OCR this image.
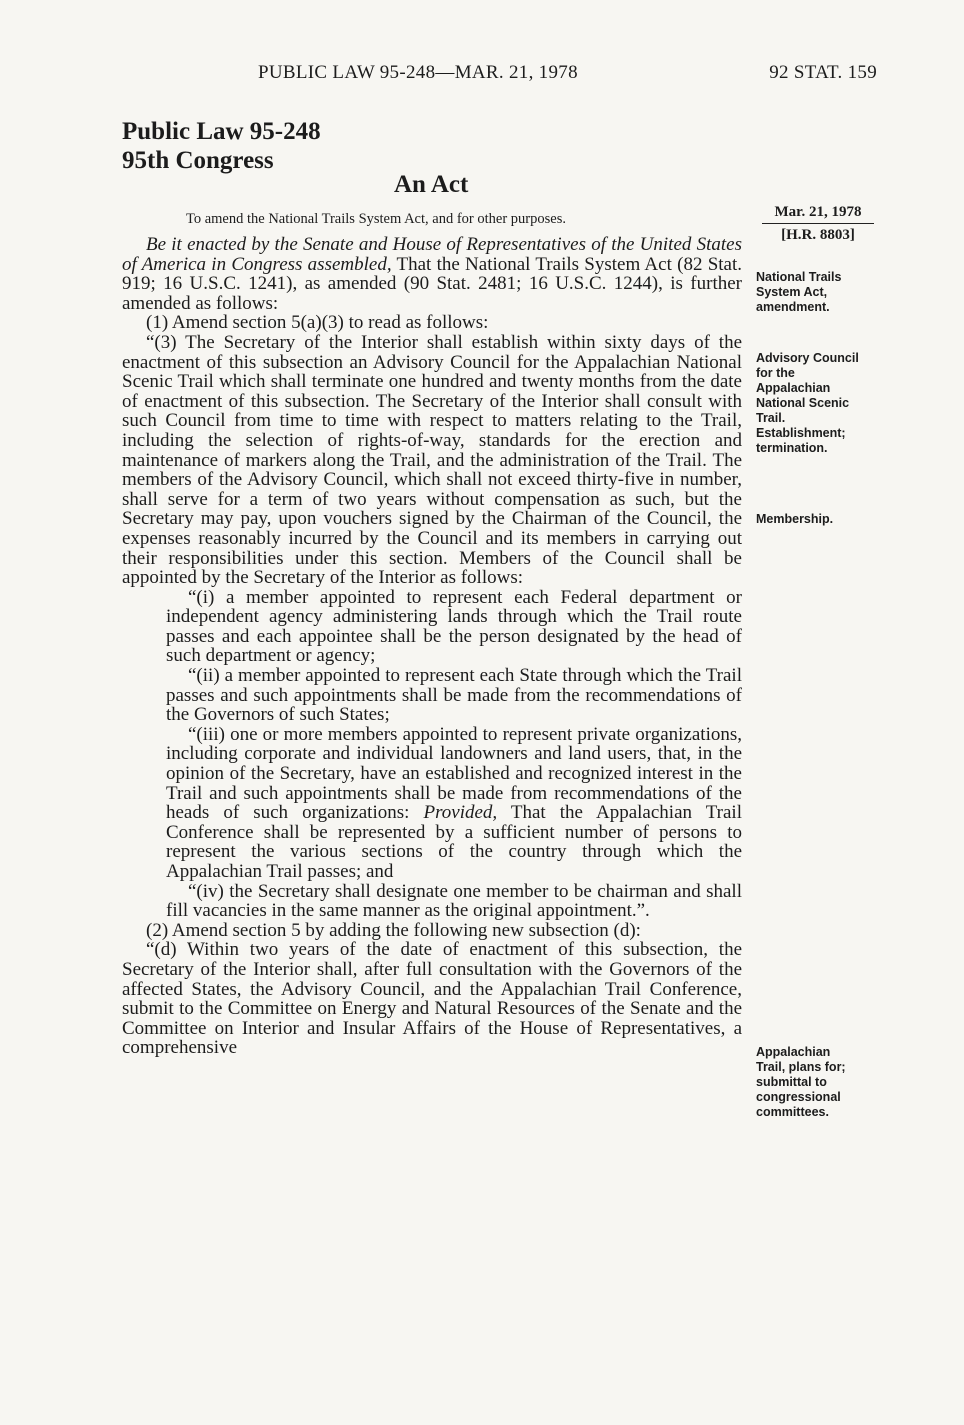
PUBLIC LAW 95-248—MAR. 21, 1978	92 STAT. 159
Public Law 95-248
95th Congress
An Act
To amend the National Trails System Act, and for other purposes.	Mar. 21, 1978
[H.R. 8803]

Be it enacted by the Senate and House of Representatives of the United States of America in Congress assembled, That the National Trails System Act (82 Stat. 919; 16 U.S.C. 1241), as amended (90 Stat. 2481; 16 U.S.C. 1244), is further amended as follows:

(1) Amend section 5(a)(3) to read as follows:

“(3) The Secretary of the Interior shall establish within sixty days of the enactment of this subsection an Advisory Council for the Appalachian National Scenic Trail which shall terminate one hundred and twenty months from the date of enactment of this subsection. The Secretary of the Interior shall consult with such Council from time to time with respect to matters relating to the Trail, including the selection of rights-of-way, standards for the erection and maintenance of markers along the Trail, and the administration of the Trail. The members of the Advisory Council, which shall not exceed thirty-five in number, shall serve for a term of two years without compensation as such, but the Secretary may pay, upon vouchers signed by the Chairman of the Council, the expenses reasonably incurred by the Council and its members in carrying out their responsibilities under this section. Members of the Council shall be appointed by the Secretary of the Interior as follows:

“(i) a member appointed to represent each Federal department or independent agency administering lands through which the Trail route passes and each appointee shall be the person designated by the head of such department or agency;

“(ii) a member appointed to represent each State through which the Trail passes and such appointments shall be made from the recommendations of the Governors of such States;

“(iii) one or more members appointed to represent private organizations, including corporate and individual landowners and land users, that, in the opinion of the Secretary, have an established and recognized interest in the Trail and such appointments shall be made from recommendations of the heads of such organizations: Provided, That the Appalachian Trail Conference shall be represented by a sufficient number of persons to represent the various sections of the country through which the Appalachian Trail passes; and

“(iv) the Secretary shall designate one member to be chairman and shall fill vacancies in the same manner as the original appointment.”.

(2) Amend section 5 by adding the following new subsection (d):

“(d) Within two years of the date of enactment of this subsection, the Secretary of the Interior shall, after full consultation with the Governors of the affected States, the Advisory Council, and the Appalachian Trail Conference, submit to the Committee on Energy and Natural Resources of the Senate and the Committee on Interior and Insular Affairs of the House of Representatives, a comprehensive

National Trails
System Act,
amendment.
Advisory Council
for the
Appalachian
National Scenic
Trail.
Establishment;
termination.
Membership.
Appalachian
Trail, plans for;
submittal to
congressional
committees.
